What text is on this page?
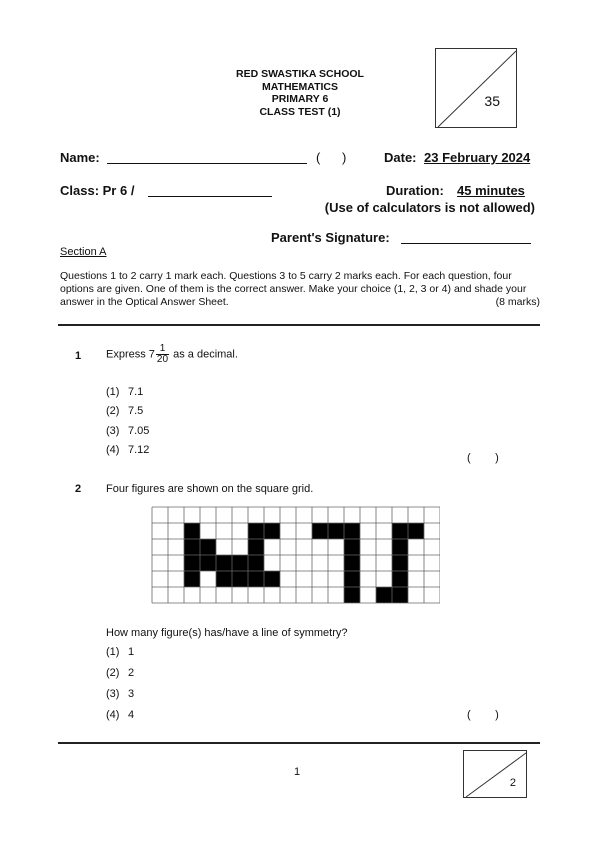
RED SWASTIKA SCHOOL
MATHEMATICS
PRIMARY 6
CLASS TEST (1)
35
Name:	(      )	Date: 23 February 2024
Class: Pr 6 /	Duration: 45 minutes
(Use of calculators is not allowed)
Parent's Signature:
Section A
Questions 1 to 2 carry 1 mark each. Questions 3 to 5 carry 2 marks each. For each question, four options are given. One of them is the correct answer. Make your choice (1, 2, 3 or 4) and shade your answer in the Optical Answer Sheet.	(8 marks)
1 Express $7 \frac{1}{20}$ as a decimal.
(1) 7.1
(2) 7.5
(3) 7.05
(4) 7.12
(        )
2 Four figures are shown on the square grid.
How many figure(s) has/have a line of symmetry?
(1) 1
(2) 2
(3) 3
(4) 4	(        )
1
2
